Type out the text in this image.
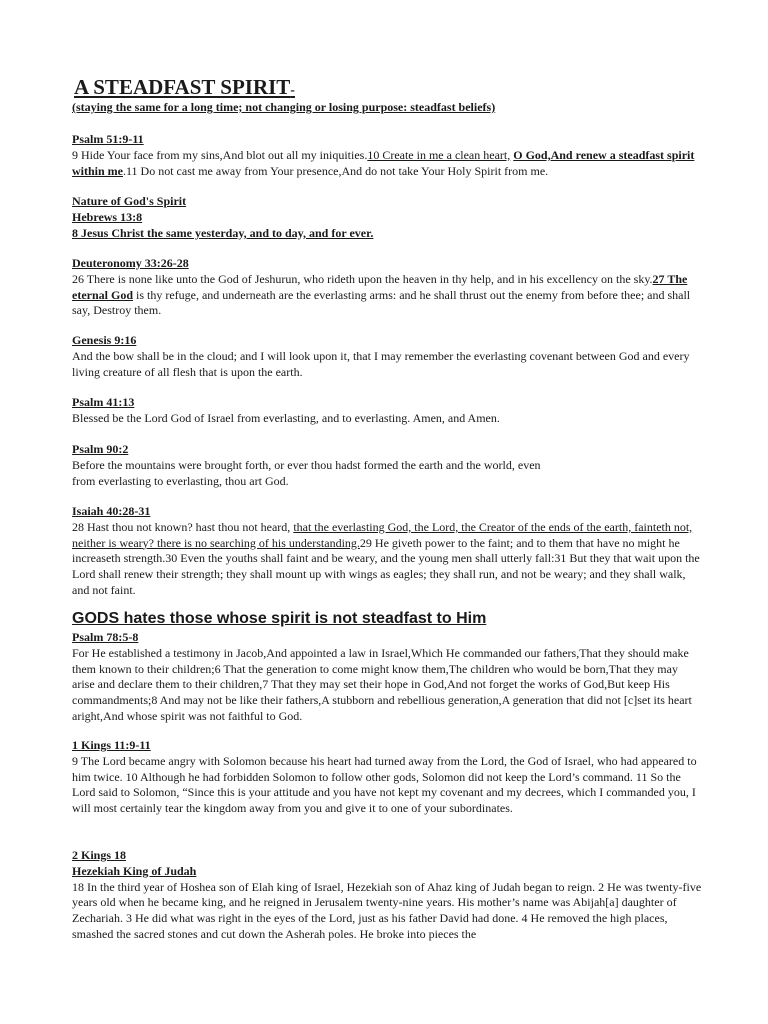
A STEADFAST SPIRIT-

(staying the same for a long time; not changing or losing purpose: steadfast beliefs)

Psalm 51:9-11

9 Hide Your face from my sins,And blot out all my iniquities.10 Create in me a clean heart, O God,And renew a steadfast spirit within me.11 Do not cast me away from Your presence,And do not take Your Holy Spirit from me.

Nature of God's Spirit
Hebrews 13:8
8 Jesus Christ the same yesterday, and to day, and for ever.
Deuteronomy 33:26-28

26 There is none like unto the God of Jeshurun, who rideth upon the heaven in thy help, and in his excellency on the sky.27 The eternal God is thy refuge, and underneath are the everlasting arms: and he shall thrust out the enemy from before thee; and shall say, Destroy them.

Genesis 9:16

And the bow shall be in the cloud; and I will look upon it, that I may remember the everlasting covenant between God and every living creature of all flesh that is upon the earth.

Psalm 41:13

Blessed be the Lord God of Israel from everlasting, and to everlasting. Amen, and Amen.

Psalm 90:2

Before the mountains were brought forth, or ever thou hadst formed the earth and the world, even

from everlasting to everlasting, thou art God.

Isaiah 40:28-31

28 Hast thou not known? hast thou not heard, that the everlasting God, the Lord, the Creator of the ends of the earth, fainteth not, neither is weary? there is no searching of his understanding.29 He giveth power to the faint; and to them that have no might he increaseth strength.30 Even the youths shall faint and be weary, and the young men shall utterly fall:31 But they that wait upon the Lord shall renew their strength; they shall mount up with wings as eagles; they shall run, and not be weary; and they shall walk, and not faint.

GODS hates those whose spirit is not steadfast to Him
Psalm 78:5-8

For He established a testimony in Jacob,And appointed a law in Israel,Which He commanded our fathers,That they should make them known to their children;6 That the generation to come might know them,The children who would be born,That they may arise and declare them to their children,7 That they may set their hope in God,And not forget the works of God,But keep His commandments;8 And may not be like their fathers,A stubborn and rebellious generation,A generation that did not [c]set its heart aright,And whose spirit was not faithful to God.

1 Kings 11:9-11

9 The Lord became angry with Solomon because his heart had turned away from the Lord, the God of Israel, who had appeared to him twice. 10 Although he had forbidden Solomon to follow other gods, Solomon did not keep the Lord’s command. 11 So the Lord said to Solomon, “Since this is your attitude and you have not kept my covenant and my decrees, which I commanded you, I will most certainly tear the kingdom away from you and give it to one of your subordinates.

2 Kings 18
Hezekiah King of Judah

18 In the third year of Hoshea son of Elah king of Israel, Hezekiah son of Ahaz king of Judah began to reign. 2 He was twenty-five years old when he became king, and he reigned in Jerusalem twenty-nine years. His mother’s name was Abijah[a] daughter of Zechariah. 3 He did what was right in the eyes of the Lord, just as his father David had done. 4 He removed the high places, smashed the sacred stones and cut down the Asherah poles. He broke into pieces the
